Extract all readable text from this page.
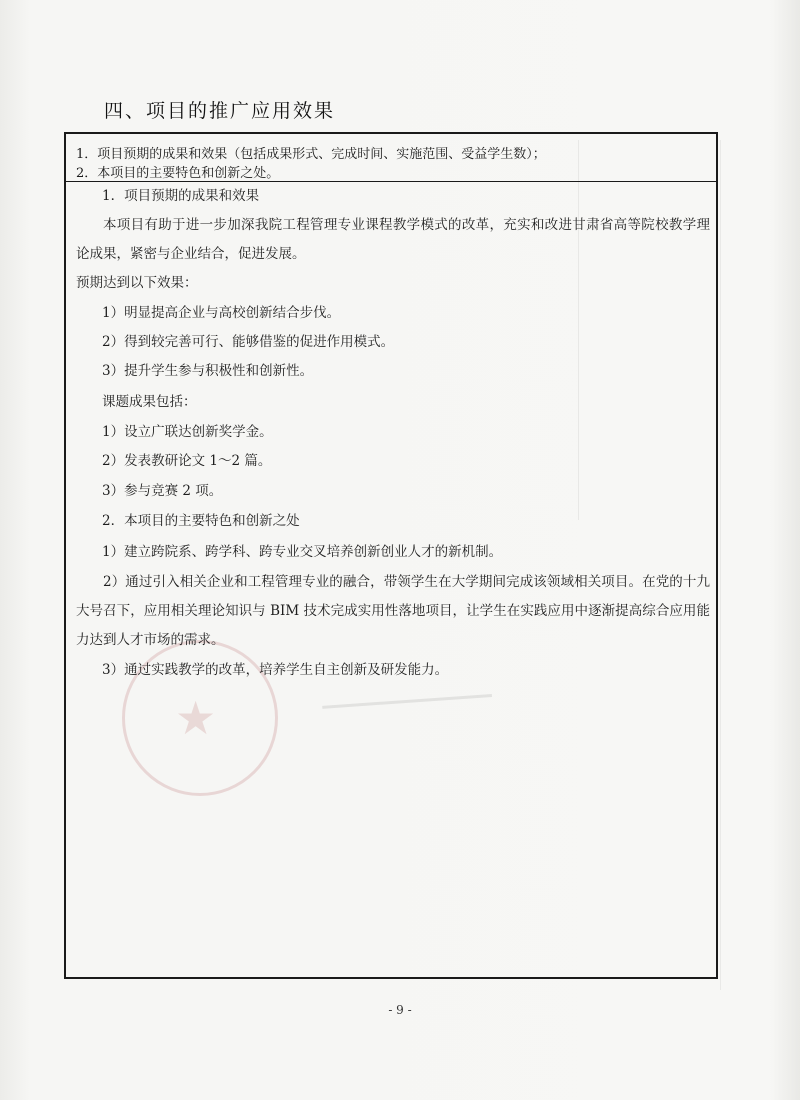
★
四、项目的推广应用效果
1．项目预期的成果和效果（包括成果形式、完成时间、实施范围、受益学生数）；
2．本项目的主要特色和创新之处。
1．项目预期的成果和效果
本项目有助于进一步加深我院工程管理专业课程教学模式的改革，充实和改进甘肃省高等院校教学理论成果，紧密与企业结合，促进发展。
预期达到以下效果：
1）明显提高企业与高校创新结合步伐。
2）得到较完善可行、能够借鉴的促进作用模式。
3）提升学生参与积极性和创新性。
课题成果包括：
1）设立广联达创新奖学金。
2）发表教研论文 1～2 篇。
3）参与竞赛 2 项。
2．本项目的主要特色和创新之处
1）建立跨院系、跨学科、跨专业交叉培养创新创业人才的新机制。
2）通过引入相关企业和工程管理专业的融合，带领学生在大学期间完成该领域相关项目。在党的十九大号召下，应用相关理论知识与 BIM 技术完成实用性落地项目，让学生在实践应用中逐渐提高综合应用能力达到人才市场的需求。
3）通过实践教学的改革，培养学生自主创新及研发能力。
- 9 -
